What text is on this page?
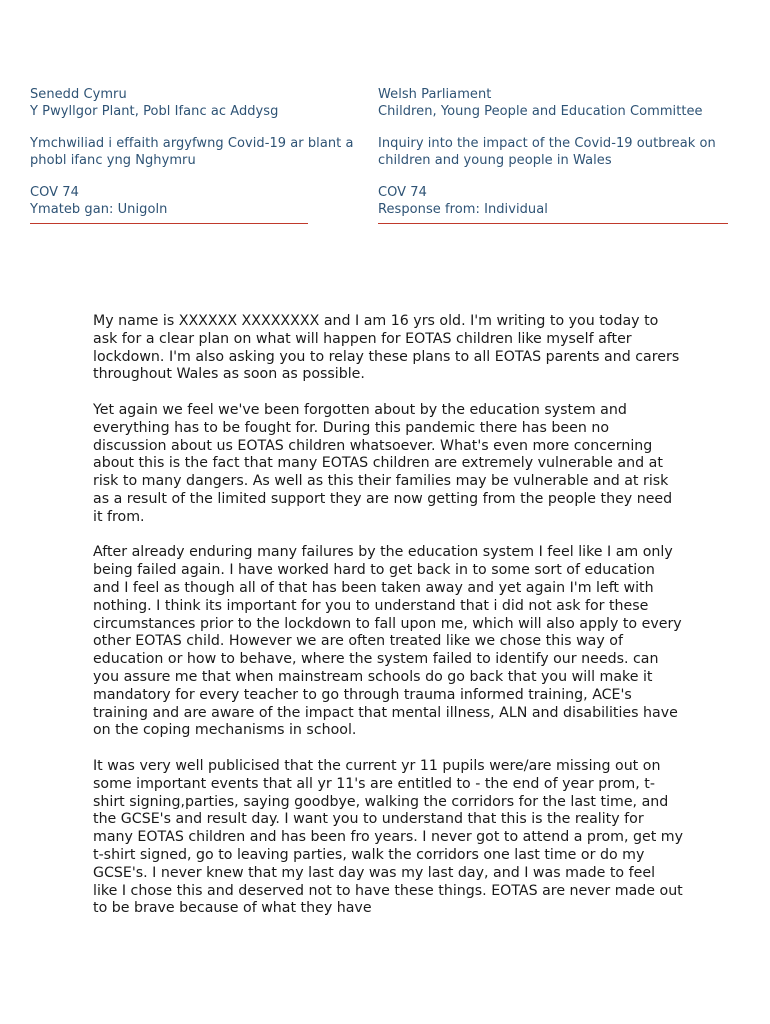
Senedd Cymru
Y Pwyllgor Plant, Pobl Ifanc ac Addysg
Ymchwiliad i effaith argyfwng Covid-19 ar blant a phobl ifanc yng Nghymru
COV 74
Ymateb gan: Unigoln
Welsh Parliament
Children, Young People and Education Committee
Inquiry into the impact of the Covid-19 outbreak on children and young people in Wales
COV 74
Response from: Individual

My name is XXXXXX XXXXXXXX and I am 16 yrs old. I'm writing to you today to ask for a clear plan on what will happen for EOTAS children like myself after lockdown. I'm also asking you to relay these plans to all EOTAS parents and carers throughout Wales as soon as possible.

Yet again we feel we've been forgotten about by the education system and everything has to be fought for. During this pandemic there has been no discussion about us EOTAS children whatsoever. What's even more concerning about this is the fact that many EOTAS children are extremely vulnerable and at risk to many dangers. As well as this their families may be vulnerable and at risk as a result of the limited support they are now getting from the people they need it from.

After already enduring many failures by the education system I feel like I am only being failed again. I have worked hard to get back in to some sort of education and I feel as though all of that has been taken away and yet again I'm left with nothing. I think its important for you to understand that i did not ask for these circumstances prior to the lockdown to fall upon me, which will also apply to every other EOTAS child. However we are often treated like we chose this way of education or how to behave, where the system failed to identify our needs. can you assure me that when mainstream schools do go back that you will make it mandatory for every teacher to go through trauma informed training, ACE's training and are aware of the impact that mental illness, ALN and disabilities have on the coping mechanisms in school.

It was very well publicised that the current yr 11 pupils were/are missing out on some important events that all yr 11's are entitled to - the end of year prom, t-shirt signing,parties, saying goodbye, walking the corridors for the last time, and the GCSE's and result day. I want you to understand that this is the reality for many EOTAS children and has been fro years. I never got to attend a prom, get my t-shirt signed, go to leaving parties, walk the corridors one last time or do my GCSE's. I never knew that my last day was my last day, and I was made to feel like I chose this and deserved not to have these things. EOTAS are never made out to be brave because of what they have
